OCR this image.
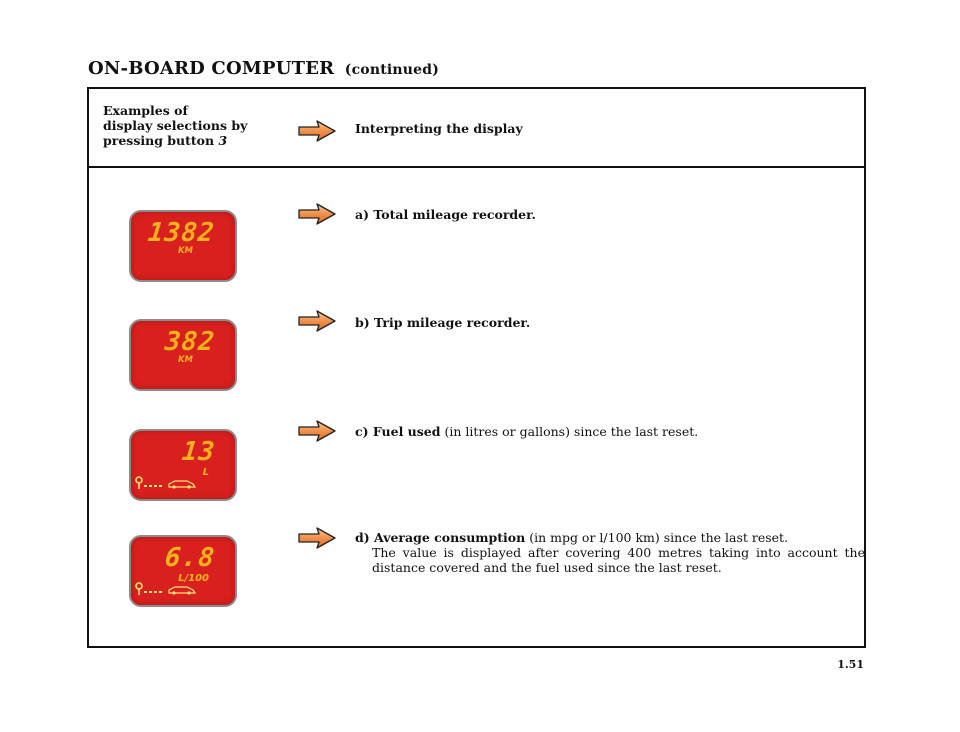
ON-BOARD COMPUTER (continued)
Examples of
display selections by
pressing button 3
Interpreting the display
1382
KM
a) Total mileage recorder.
382
KM
b) Trip mileage recorder.
13
L
c) Fuel used (in litres or gallons) since the last reset.
6.8
L/100
d) Average consumption (in mpg or l/100 km) since the last reset.
The value is displayed after covering 400 metres taking into account the distance covered and the fuel used since the last reset.
1.51
